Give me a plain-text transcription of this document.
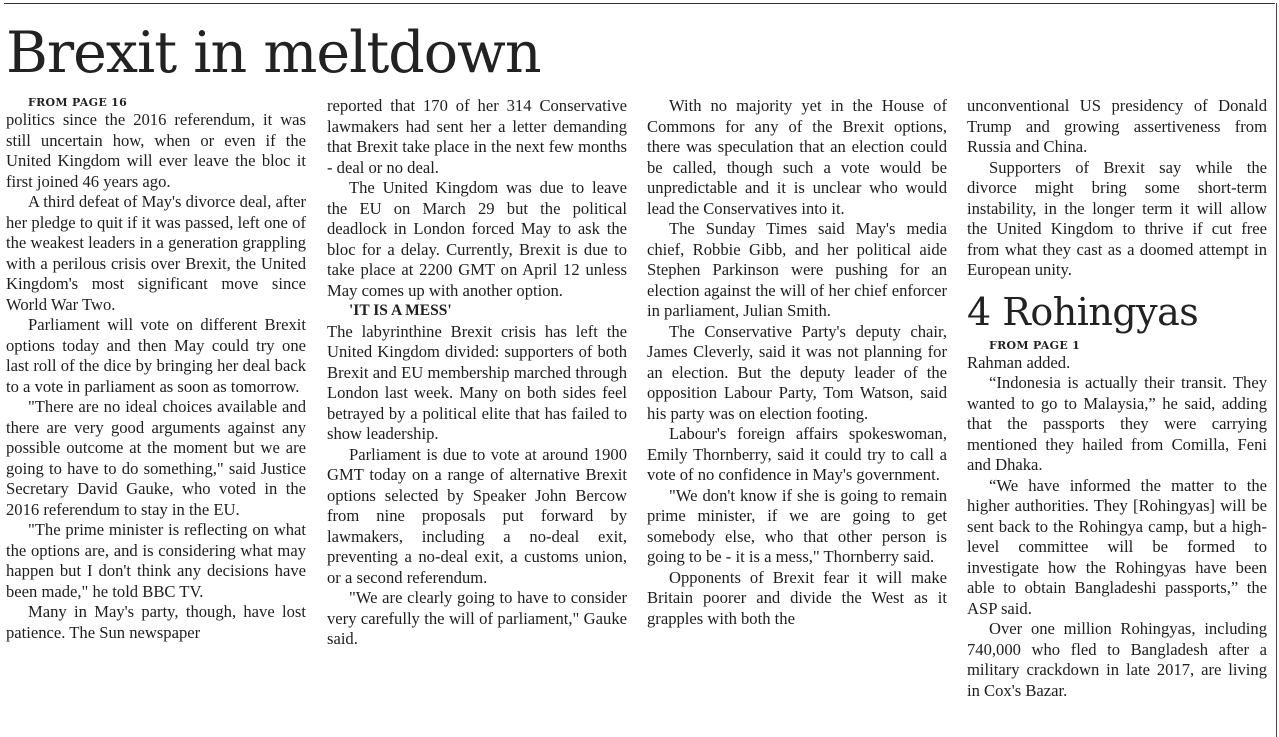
Brexit in meltdown

FROM PAGE 16

politics since the 2016 referendum, it was still uncertain how, when or even if the United Kingdom will ever leave the bloc it first joined 46 years ago.

A third defeat of May's divorce deal, after her pledge to quit if it was passed, left one of the weakest leaders in a generation grappling with a perilous crisis over Brexit, the United Kingdom's most significant move since World War Two.

Parliament will vote on different Brexit options today and then May could try one last roll of the dice by bringing her deal back to a vote in parliament as soon as tomorrow.

"There are no ideal choices available and there are very good arguments against any possible outcome at the moment but we are going to have to do something," said Justice Secretary David Gauke, who voted in the 2016 referendum to stay in the EU.

"The prime minister is reflecting on what the options are, and is considering what may happen but I don't think any decisions have been made," he told BBC TV.

Many in May's party, though, have lost patience. The Sun newspaper

reported that 170 of her 314 Conservative lawmakers had sent her a letter demanding that Brexit take place in the next few months - deal or no deal.

The United Kingdom was due to leave the EU on March 29 but the political deadlock in London forced May to ask the bloc for a delay. Currently, Brexit is due to take place at 2200 GMT on April 12 unless May comes up with another option.

'IT IS A MESS'

The labyrinthine Brexit crisis has left the United Kingdom divided: supporters of both Brexit and EU membership marched through London last week. Many on both sides feel betrayed by a political elite that has failed to show leadership.

Parliament is due to vote at around 1900 GMT today on a range of alternative Brexit options selected by Speaker John Bercow from nine proposals put forward by lawmakers, including a no-deal exit, preventing a no-deal exit, a customs union, or a second referendum.

"We are clearly going to have to consider very carefully the will of parliament," Gauke said.

With no majority yet in the House of Commons for any of the Brexit options, there was speculation that an election could be called, though such a vote would be unpredictable and it is unclear who would lead the Conservatives into it.

The Sunday Times said May's media chief, Robbie Gibb, and her political aide Stephen Parkinson were pushing for an election against the will of her chief enforcer in parliament, Julian Smith.

The Conservative Party's deputy chair, James Cleverly, said it was not planning for an election. But the deputy leader of the opposition Labour Party, Tom Watson, said his party was on election footing.

Labour's foreign affairs spokeswoman, Emily Thornberry, said it could try to call a vote of no confidence in May's government.

"We don't know if she is going to remain prime minister, if we are going to get somebody else, who that other person is going to be - it is a mess," Thornberry said.

Opponents of Brexit fear it will make Britain poorer and divide the West as it grapples with both the

unconventional US presidency of Donald Trump and growing assertiveness from Russia and China.

Supporters of Brexit say while the divorce might bring some short-term instability, in the longer term it will allow the United Kingdom to thrive if cut free from what they cast as a doomed attempt in European unity.

4 Rohingyas

FROM PAGE 1

Rahman added.

“Indonesia is actually their transit. They wanted to go to Malaysia,” he said, adding that the passports they were carrying mentioned they hailed from Comilla, Feni and Dhaka.

“We have informed the matter to the higher authorities. They [Rohingyas] will be sent back to the Rohingya camp, but a high-level committee will be formed to investigate how the Rohingyas have been able to obtain Bangladeshi passports,” the ASP said.

Over one million Rohingyas, including 740,000 who fled to Bangladesh after a military crackdown in late 2017, are living in Cox's Bazar.
